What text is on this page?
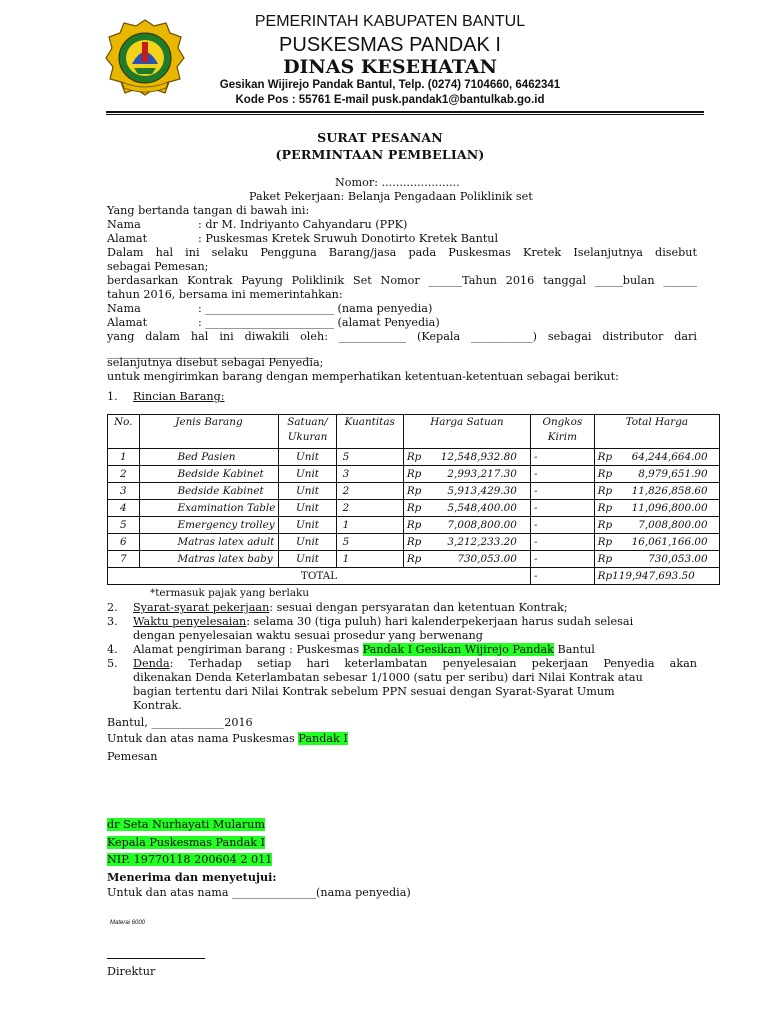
PEMERINTAH KABUPATEN BANTUL
PUSKESMAS PANDAK I
DINAS KESEHATAN
Gesikan Wijirejo Pandak Bantul, Telp. (0274) 7104660, 6462341
Kode Pos : 55761 E-mail pusk.pandak1@bantulkab.go.id
SURAT PESANAN
(PERMINTAAN PEMBELIAN)
Nomor: ......................
Paket Pekerjaan: Belanja Pengadaan Poliklinik set
Yang bertanda tangan di bawah ini:
Nama	: dr M. Indriyanto Cahyandaru (PPK)
Alamat	: Puskesmas Kretek Sruwuh Donotirto Kretek Bantul
Dalam hal ini selaku Pengguna Barang/jasa pada Puskesmas Kretek Iselanjutnya disebut
sebagai Pemesan;
berdasarkan Kontrak Payung Poliklinik Set Nomor ______Tahun 2016 tanggal _____bulan ______
tahun 2016, bersama ini memerintahkan:
Nama	: _______________________ (nama penyedia)
Alamat	: _______________________ (alamat Penyedia)
yang dalam hal ini diwakili oleh: ____________ (Kepala ___________) sebagai distributor dari
_____________________________________
selanjutnya disebut sebagai Penyedia;
untuk mengirimkan barang dengan memperhatikan ketentuan-ketentuan sebagai berikut:
1. Rincian Barang:
No.	Jenis Barang	Satuan/ Ukuran	Kuantitas	Harga Satuan	Ongkos Kirim	Total Harga
1	Bed Pasien	Unit	5	Rp 12,548,932.80	-	Rp 64,244,664.00
2	Bedside Kabinet	Unit	3	Rp 2,993,217.30	-	Rp 8,979,651.90
3	Bedside Kabinet	Unit	2	Rp 5,913,429.30	-	Rp 11,826,858.60
4	Examination Table	Unit	2	Rp 5,548,400.00	-	Rp 11,096,800.00
5	Emergency trolley	Unit	1	Rp 7,008,800.00	-	Rp 7,008,800.00
6	Matras latex adult	Unit	5	Rp 3,212,233.20	-	Rp 16,061,166.00
7	Matras latex baby	Unit	1	Rp 730,053.00	-	Rp 730,053.00
TOTAL					-	Rp119,947,693.50
*termasuk pajak yang berlaku
2. Syarat-syarat pekerjaan: sesuai dengan persyaratan dan ketentuan Kontrak;
3. Waktu penyelesaian: selama 30 (tiga puluh) hari kalenderpekerjaan harus sudah selesai
dengan penyelesaian waktu sesuai prosedur yang berwenang
4. Alamat pengiriman barang : Puskesmas Pandak I Gesikan Wijirejo Pandak Bantul
5. Denda: Terhadap setiap hari keterlambatan penyelesaian pekerjaan Penyedia akan
dikenakan Denda Keterlambatan sebesar 1/1000 (satu per seribu) dari Nilai Kontrak atau
bagian tertentu dari Nilai Kontrak sebelum PPN sesuai dengan Syarat-Syarat Umum
Kontrak.
Bantul, _____________2016
Untuk dan atas nama Puskesmas Pandak I
Pemesan
dr Seta Nurhayati Mularum
Kepala Puskesmas Pandak I
NIP. 19770118 200604 2 011
Menerima dan menyetujui:
Untuk dan atas nama _______________(nama penyedia)
Materai 6000
Direktur
